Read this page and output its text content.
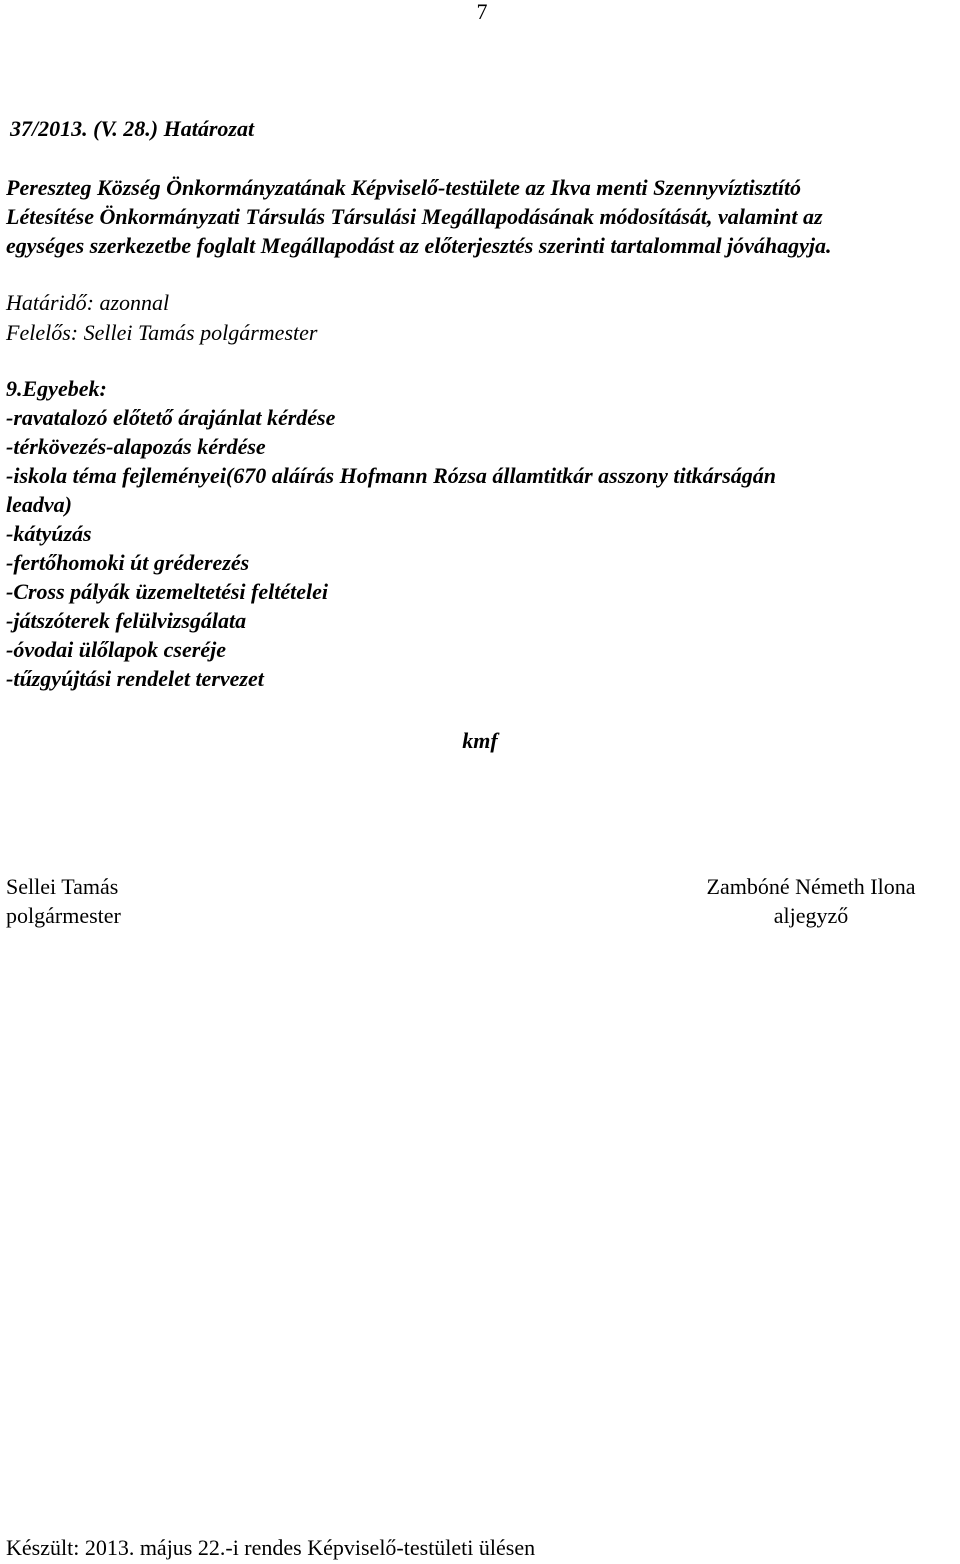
7
37/2013. (V. 28.) Határozat
Pereszteg Község Önkormányzatának Képviselő-testülete az Ikva menti Szennyvíztisztító
Létesítése Önkormányzati Társulás Társulási Megállapodásának módosítását, valamint az
egységes szerkezetbe foglalt Megállapodást az előterjesztés szerinti tartalommal jóváhagyja.
Határidő: azonnal
Felelős: Sellei Tamás polgármester
9.Egyebek:
-ravatalozó előtető árajánlat kérdése
-térkövezés-alapozás kérdése
-iskola téma fejleményei(670 aláírás Hofmann Rózsa államtitkár asszony titkárságán
leadva)
-kátyúzás
-fertőhomoki út gréderezés
-Cross pályák üzemeltetési feltételei
-játszóterek felülvizsgálata
-óvodai ülőlapok cseréje
-tűzgyújtási rendelet tervezet
kmf
Sellei Tamás
polgármester
Zambóné Németh Ilona
aljegyző
Készült: 2013. május 22.-i rendes Képviselő-testületi ülésen
